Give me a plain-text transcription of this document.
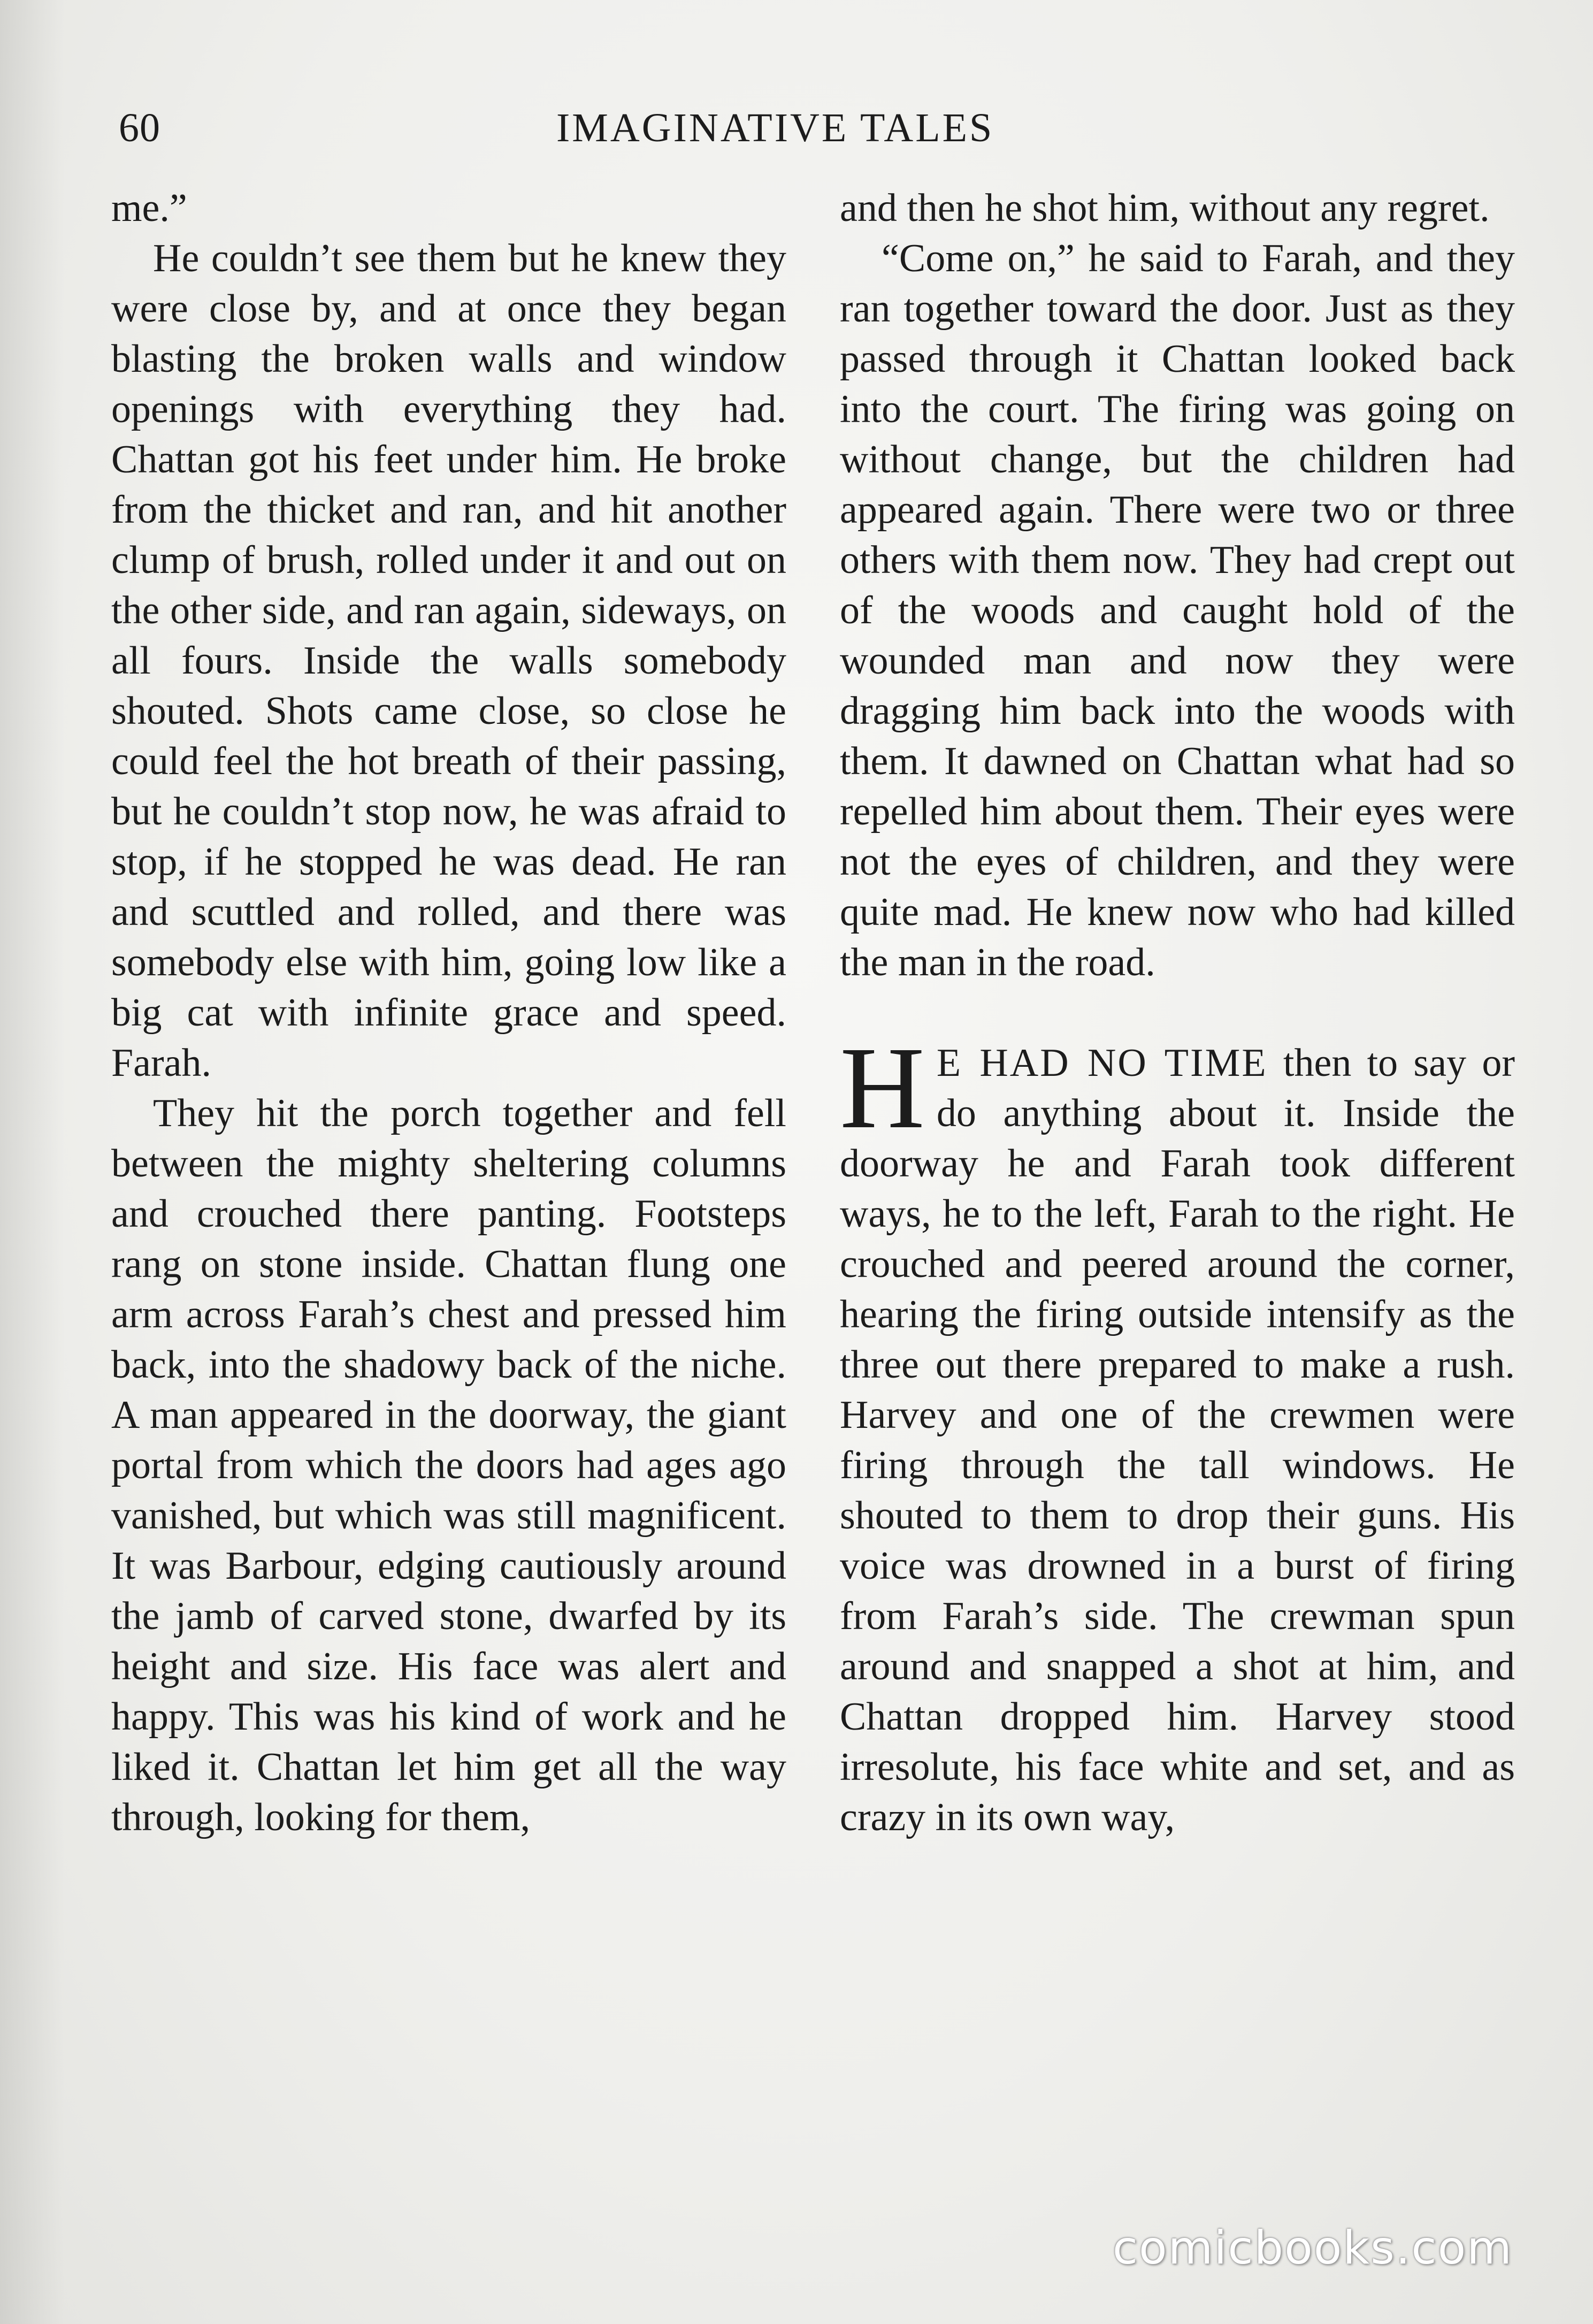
60	IMAGINATIVE TALES

me.”

He couldn’t see them but he knew they were close by, and at once they began blasting the broken walls and window openings with everything they had. Chattan got his feet under him. He broke from the thicket and ran, and hit another clump of brush, rolled under it and out on the other side, and ran again, sideways, on all fours. Inside the walls somebody shouted. Shots came close, so close he could feel the hot breath of their passing, but he couldn’t stop now, he was afraid to stop, if he stopped he was dead. He ran and scuttled and rolled, and there was somebody else with him, going low like a big cat with infinite grace and speed. Farah.

They hit the porch together and fell between the mighty sheltering columns and crouched there panting. Footsteps rang on stone inside. Chattan flung one arm across Farah’s chest and pressed him back, into the shadowy back of the niche. A man appeared in the doorway, the giant portal from which the doors had ages ago vanished, but which was still magnificent. It was Barbour, edging cautiously around the jamb of carved stone, dwarfed by its height and size. His face was alert and happy. This was his kind of work and he liked it. Chattan let him get all the way through, looking for them,

and then he shot him, without any regret.

“Come on,” he said to Farah, and they ran together toward the door. Just as they passed through it Chattan looked back into the court. The firing was going on without change, but the children had appeared again. There were two or three others with them now. They had crept out of the woods and caught hold of the wounded man and now they were dragging him back into the woods with them. It dawned on Chattan what had so repelled him about them. Their eyes were not the eyes of children, and they were quite mad. He knew now who had killed the man in the road.

H E HAD NO TIME then to say or do anything about it. Inside the doorway he and Farah took different ways, he to the left, Farah to the right. He crouched and peered around the corner, hearing the firing outside intensify as the three out there prepared to make a rush. Harvey and one of the crewmen were firing through the tall windows. He shouted to them to drop their guns. His voice was drowned in a burst of firing from Farah’s side. The crewman spun around and snapped a shot at him, and Chattan dropped him. Harvey stood irresolute, his face white and set, and as crazy in its own way,

comicbooks.com
